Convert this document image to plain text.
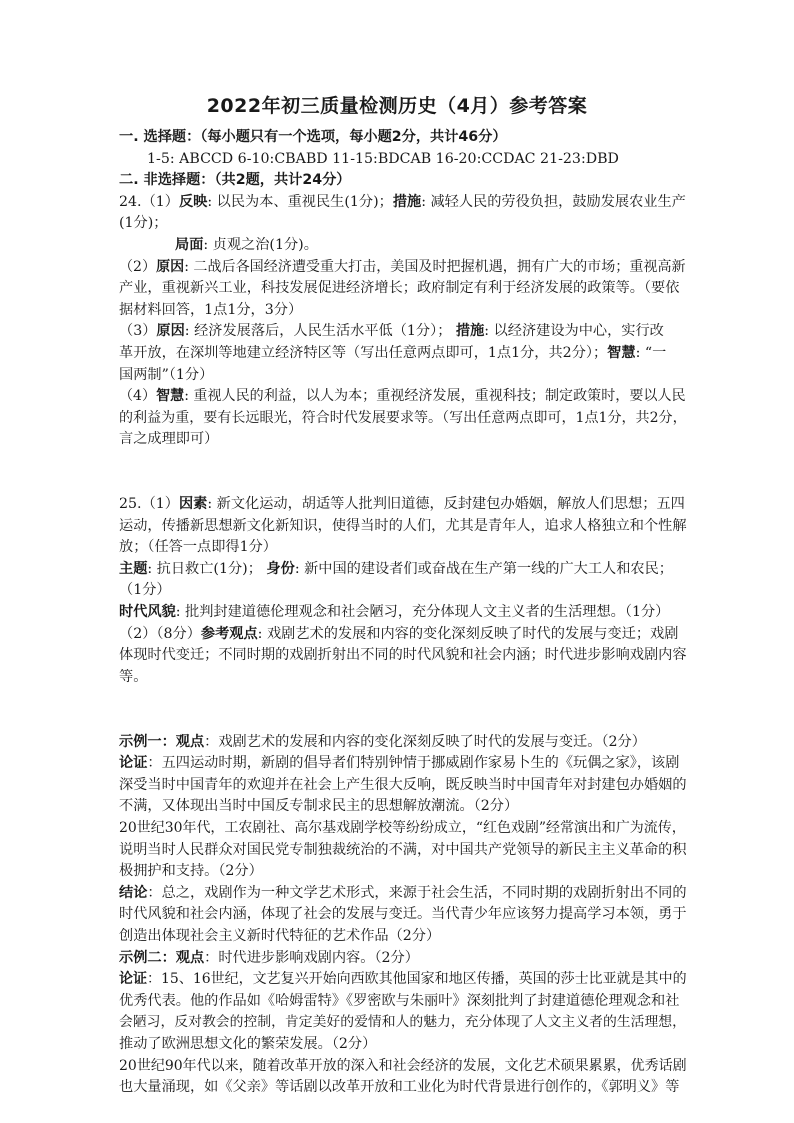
2022年初三质量检测历史（4月）参考答案
一. 选择题：（每小题只有一个选项，每小题2分，共计46分）
1-5: ABCCD 6-10:CBABD 11-15:BDCAB 16-20:CCDAC 21-23:DBD
二. 非选择题：（共2题，共计24分）
24.（1）反映: 以民为本、重视民生(1分)；措施: 减轻人民的劳役负担，鼓励发展农业生产
(1分)；
局面: 贞观之治(1分)。
（2）原因: 二战后各国经济遭受重大打击，美国及时把握机遇，拥有广大的市场；重视高新
产业，重视新兴工业，科技发展促进经济增长；政府制定有利于经济发展的政策等。（要依
据材料回答，1点1分，3分）
（3）原因: 经济发展落后，人民生活水平低（1分）； 措施: 以经济建设为中心，实行改
革开放，在深圳等地建立经济特区等（写出任意两点即可，1点1分，共2分）；智慧: “一
国两制”（1分）
（4）智慧: 重视人民的利益，以人为本；重视经济发展，重视科技；制定政策时，要以人民
的利益为重，要有长远眼光，符合时代发展要求等。（写出任意两点即可，1点1分，共2分，
言之成理即可）
25.（1）因素: 新文化运动，胡适等人批判旧道德，反封建包办婚姻，解放人们思想；五四
运动，传播新思想新文化新知识，使得当时的人们，尤其是青年人，追求人格独立和个性解
放；（任答一点即得1分）
主题: 抗日救亡(1分)； 身份: 新中国的建设者们或奋战在生产第一线的广大工人和农民；
（1分）
时代风貌: 批判封建道德伦理观念和社会陋习，充分体现人文主义者的生活理想。（1分）
（2）（8分）参考观点: 戏剧艺术的发展和内容的变化深刻反映了时代的发展与变迁；戏剧
体现时代变迁；不同时期的戏剧折射出不同的时代风貌和社会内涵；时代进步影响戏剧内容
等。
示例一：观点：戏剧艺术的发展和内容的变化深刻反映了时代的发展与变迁。（2分）
论证：五四运动时期，新剧的倡导者们特别钟情于挪威剧作家易卜生的《玩偶之家》，该剧
深受当时中国青年的欢迎并在社会上产生很大反响，既反映当时中国青年对封建包办婚姻的
不满，又体现出当时中国反专制求民主的思想解放潮流。（2分）
20世纪30年代，工农剧社、高尔基戏剧学校等纷纷成立，“红色戏剧”经常演出和广为流传，
说明当时人民群众对国民党专制独裁统治的不满，对中国共产党领导的新民主主义革命的积
极拥护和支持。（2分）
结论：总之，戏剧作为一种文学艺术形式，来源于社会生活，不同时期的戏剧折射出不同的
时代风貌和社会内涵，体现了社会的发展与变迁。当代青少年应该努力提高学习本领，勇于
创造出体现社会主义新时代特征的艺术作品（2分）
示例二：观点：时代进步影响戏剧内容。（2分）
论证：15、16世纪，文艺复兴开始向西欧其他国家和地区传播，英国的莎士比亚就是其中的
优秀代表。他的作品如《哈姆雷特》《罗密欧与朱丽叶》深刻批判了封建道德伦理观念和社
会陋习，反对教会的控制，肯定美好的爱情和人的魅力，充分体现了人文主义者的生活理想，
推动了欧洲思想文化的繁荣发展。（2分）
20世纪90年代以来，随着改革开放的深入和社会经济的发展，文化艺术硕果累累，优秀话剧
也大量涌现，如《父亲》等话剧以改革开放和工业化为时代背景进行创作的，《郭明义》等
